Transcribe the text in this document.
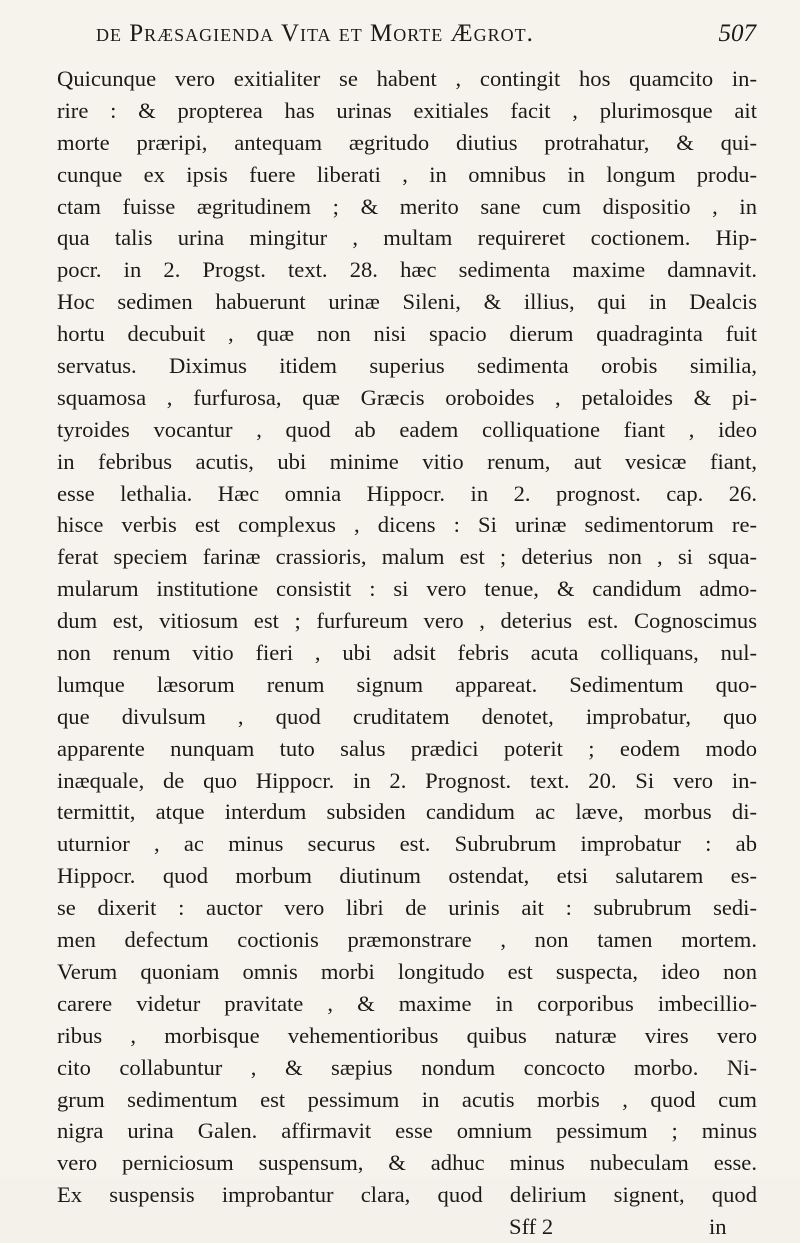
de Præsagienda Vita et Morte Ægrot.	507
Quicunque vero exitialiter se habent , contingit hos quamcito in-
rire : & propterea has urinas exitiales facit , plurimosque ait
morte præripi, antequam ægritudo diutius protrahatur, & qui-
cunque ex ipsis fuere liberati , in omnibus in longum produ-
ctam fuisse ægritudinem ; & merito sane cum dispositio , in
qua talis urina mingitur , multam requireret coctionem. Hip-
pocr. in 2. Progst. text. 28. hæc sedimenta maxime damnavit.
Hoc sedimen habuerunt urinæ Sileni, & illius, qui in Dealcis
hortu decubuit , quæ non nisi spacio dierum quadraginta fuit
servatus. Diximus itidem superius sedimenta orobis similia,
squamosa , furfurosa, quæ Græcis oroboides , petaloides & pi-
tyroides vocantur , quod ab eadem colliquatione fiant , ideo
in febribus acutis, ubi minime vitio renum, aut vesicæ fiant,
esse lethalia. Hæc omnia Hippocr. in 2. prognost. cap. 26.
hisce verbis est complexus , dicens : Si urinæ sedimentorum re-
ferat speciem farinæ crassioris, malum est ; deterius non , si squa-
mularum institutione consistit : si vero tenue, & candidum admo-
dum est, vitiosum est ; furfureum vero , deterius est. Cognoscimus
non renum vitio fieri , ubi adsit febris acuta colliquans, nul-
lumque læsorum renum signum appareat. Sedimentum quo-
que divulsum , quod cruditatem denotet, improbatur, quo
apparente nunquam tuto salus prædici poterit ; eodem modo
inæquale, de quo Hippocr. in 2. Prognost. text. 20. Si vero in-
termittit, atque interdum subsiden candidum ac læve, morbus di-
uturnior , ac minus securus est. Subrubrum improbatur : ab
Hippocr. quod morbum diutinum ostendat, etsi salutarem es-
se dixerit : auctor vero libri de urinis ait : subrubrum sedi-
men defectum coctionis præmonstrare , non tamen mortem.
Verum quoniam omnis morbi longitudo est suspecta, ideo non
carere videtur pravitate , & maxime in corporibus imbecillio-
ribus , morbisque vehementioribus quibus naturæ vires vero
cito collabuntur , & sæpius nondum concocto morbo. Ni-
grum sedimentum est pessimum in acutis morbis , quod cum
nigra urina Galen. affirmavit esse omnium pessimum ; minus
vero perniciosum suspensum, & adhuc minus nubeculam esse.
Ex suspensis improbantur clara, quod delirium signent, quod
Sff 2	in
